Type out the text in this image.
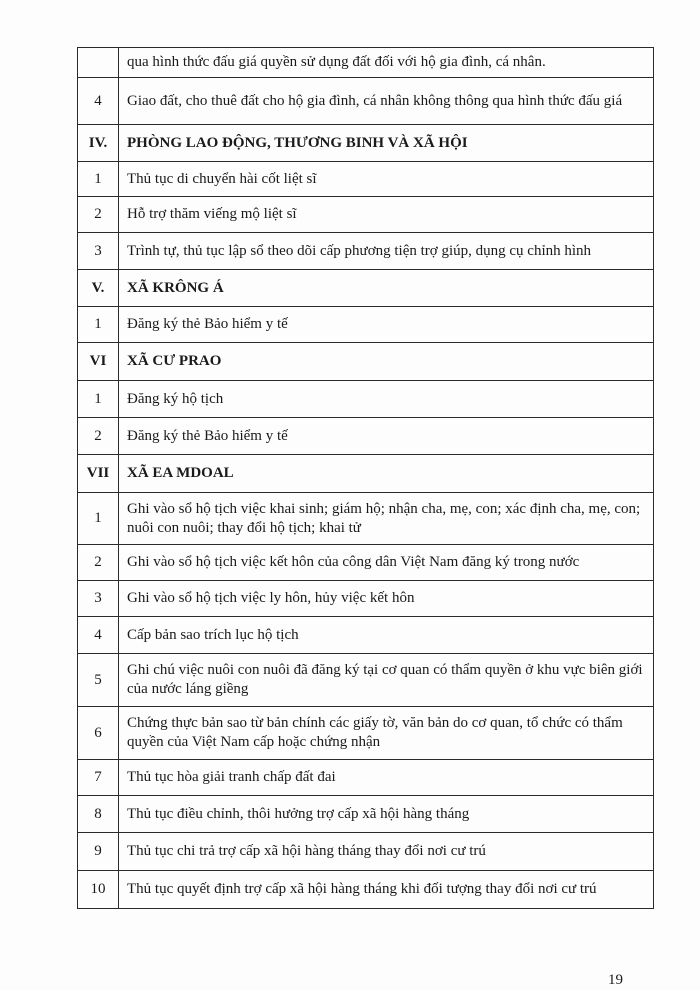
	qua hình thức đấu giá quyền sử dụng đất đối với hộ gia đình, cá nhân.
4	Giao đất, cho thuê đất cho hộ gia đình, cá nhân không thông qua hình thức đấu giá
IV.	PHÒNG LAO ĐỘNG, THƯƠNG BINH VÀ XÃ HỘI
1	Thủ tục di chuyển hài cốt liệt sĩ
2	Hỗ trợ thăm viếng mộ liệt sĩ
3	Trình tự, thủ tục lập sổ theo dõi cấp phương tiện trợ giúp, dụng cụ chỉnh hình
V.	XÃ KRÔNG Á
1	Đăng ký thẻ Bảo hiểm y tế
VI	XÃ CƯ PRAO
1	Đăng ký hộ tịch
2	Đăng ký thẻ Bảo hiểm y tế
VII	XÃ EA MDOAL
1	Ghi vào sổ hộ tịch việc khai sinh; giám hộ; nhận cha, mẹ, con; xác định cha, mẹ, con; nuôi con nuôi; thay đổi hộ tịch; khai tử
2	Ghi vào sổ hộ tịch việc kết hôn của công dân Việt Nam đăng ký trong nước
3	Ghi vào sổ hộ tịch việc ly hôn, hủy việc kết hôn
4	Cấp bản sao trích lục hộ tịch
5	Ghi chú việc nuôi con nuôi đã đăng ký tại cơ quan có thẩm quyền ở khu vực biên giới của nước láng giềng
6	Chứng thực bản sao từ bản chính các giấy tờ, văn bản do cơ quan, tổ chức có thẩm quyền của Việt Nam cấp hoặc chứng nhận
7	Thủ tục hòa giải tranh chấp đất đai
8	Thủ tục điều chỉnh, thôi hưởng trợ cấp xã hội hàng tháng
9	Thủ tục chi trả trợ cấp xã hội hàng tháng thay đổi nơi cư trú
10	Thủ tục quyết định trợ cấp xã hội hàng tháng khi đối tượng thay đổi nơi cư trú
19
